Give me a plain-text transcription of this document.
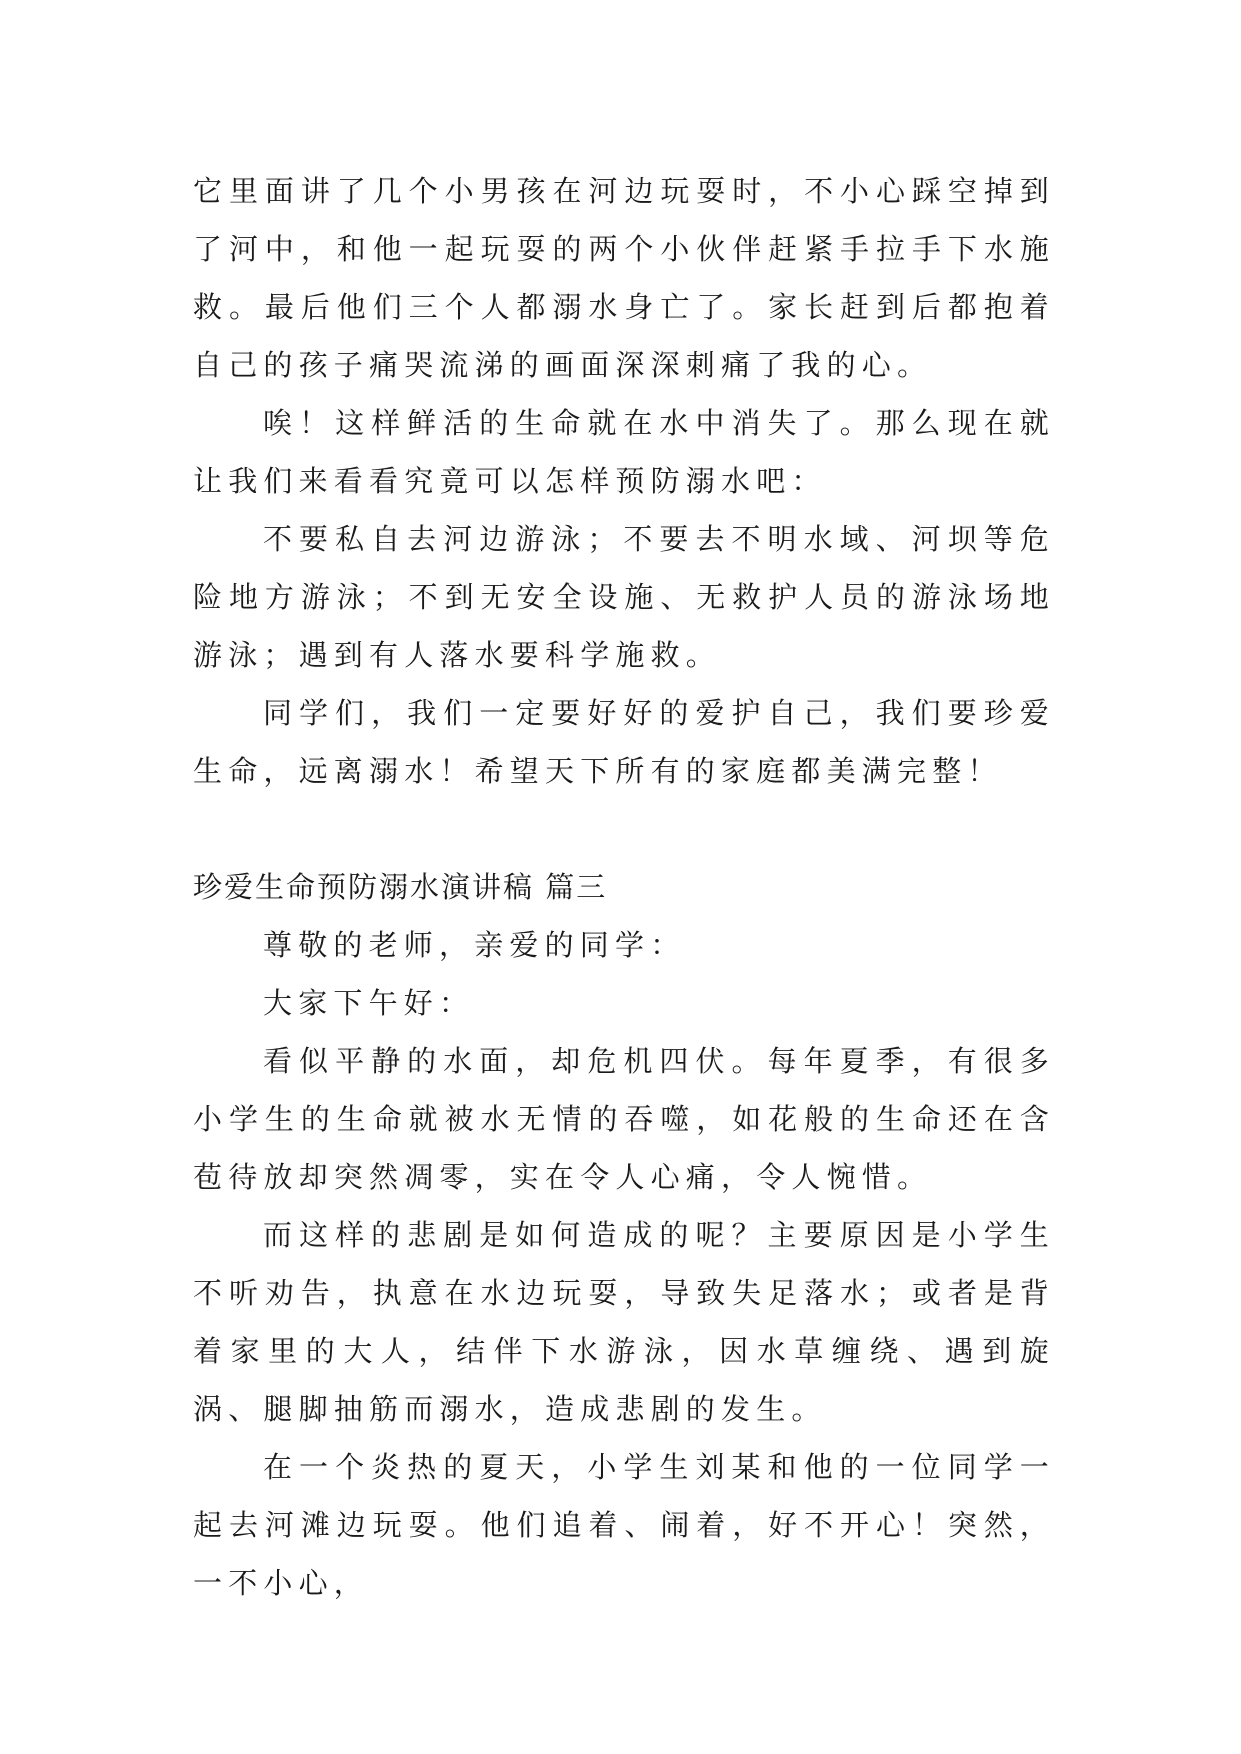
它里面讲了几个小男孩在河边玩耍时，不小心踩空掉到了河中，和他一起玩耍的两个小伙伴赶紧手拉手下水施救。最后他们三个人都溺水身亡了。家长赶到后都抱着自己的孩子痛哭流涕的画面深深刺痛了我的心。

唉！这样鲜活的生命就在水中消失了。那么现在就让我们来看看究竟可以怎样预防溺水吧：

不要私自去河边游泳；不要去不明水域、河坝等危险地方游泳；不到无安全设施、无救护人员的游泳场地游泳；遇到有人落水要科学施救。

同学们，我们一定要好好的爱护自己，我们要珍爱生命，远离溺水！希望天下所有的家庭都美满完整！

珍爱生命预防溺水演讲稿 篇三

尊敬的老师，亲爱的同学：

大家下午好：

看似平静的水面，却危机四伏。每年夏季，有很多小学生的生命就被水无情的吞噬，如花般的生命还在含苞待放却突然凋零，实在令人心痛，令人惋惜。

而这样的悲剧是如何造成的呢？主要原因是小学生不听劝告，执意在水边玩耍，导致失足落水；或者是背着家里的大人，结伴下水游泳，因水草缠绕、遇到旋涡、腿脚抽筋而溺水，造成悲剧的发生。

在一个炎热的夏天，小学生刘某和他的一位同学一起去河滩边玩耍。他们追着、闹着，好不开心！突然，一不小心，
